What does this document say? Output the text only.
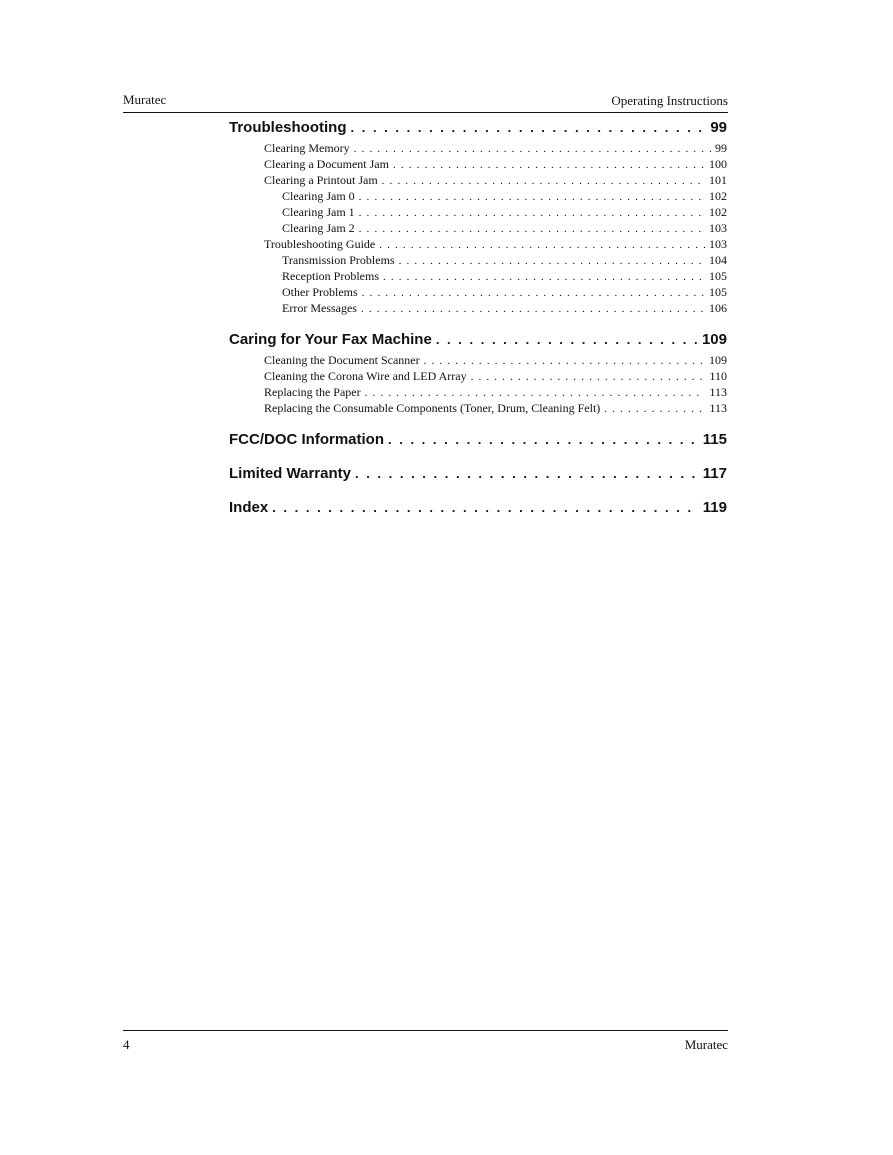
Muratec	Operating Instructions
Troubleshooting . . .	99
Clearing Memory . . .	99
Clearing a Document Jam . . .	100
Clearing a Printout Jam . . .	101
Clearing Jam 0 . . .	102
Clearing Jam 1 . . .	102
Clearing Jam 2 . . .	103
Troubleshooting Guide . . .	103
Transmission Problems . . .	104
Reception Problems . . .	105
Other Problems . . .	105
Error Messages . . .	106
Caring for Your Fax Machine . . .	109
Cleaning the Document Scanner . . .	109
Cleaning the Corona Wire and LED Array . . .	110
Replacing the Paper . . .	113
Replacing the Consumable Components (Toner, Drum, Cleaning Felt) . . .	113
FCC/DOC Information . . .	115
Limited Warranty . . .	117
Index . . .	119
4	Muratec
